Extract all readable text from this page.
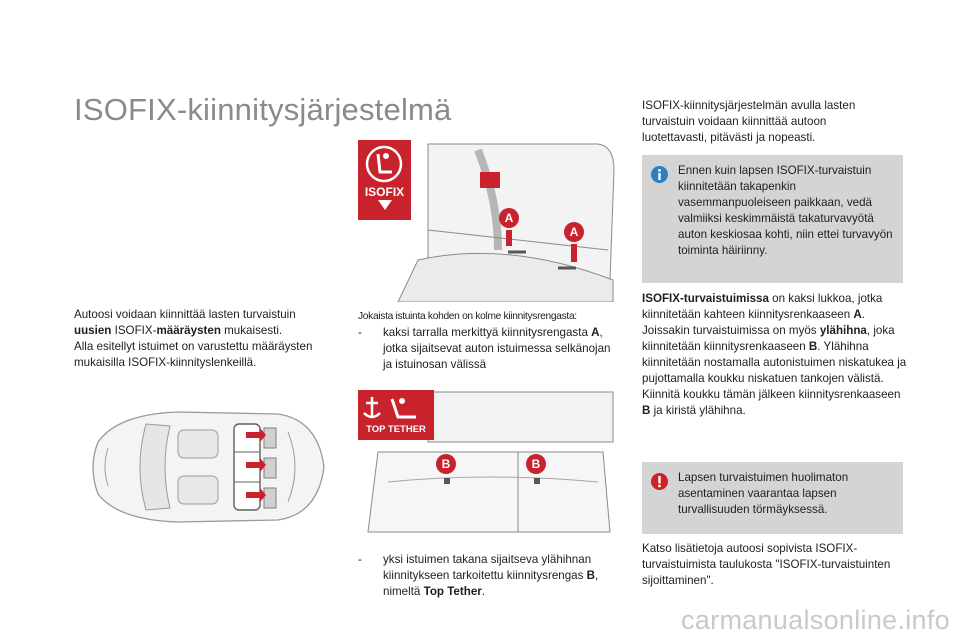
ISOFIX-kiinnitysjärjestelmä
Autoosi voidaan kiinnittää lasten turvaistuin
uusien ISOFIX-määräysten mukaisesti.
Alla esitellyt istuimet on varustettu määräysten
mukaisilla ISOFIX-kiinnityslenkeillä.
ISOFIX
A
A
Jokaista istuinta kohden on kolme kiinnitysrengasta:
-	kaksi tarralla merkittyä kiinnitysrengasta A, jotka sijaitsevat auton istuimessa selkänojan ja istuinosan välissä
TOP TETHER
B	B
-	yksi istuimen takana sijaitseva ylähihnan kiinnitykseen tarkoitettu kiinnitysrengas B, nimeltä Top Tether.
ISOFIX-kiinnitysjärjestelmän avulla lasten
turvaistuin voidaan kiinnittää autoon
luotettavasti, pitävästi ja nopeasti.
Ennen kuin lapsen ISOFIX-turvaistuin kiinnitetään takapenkin vasemmanpuoleiseen paikkaan, vedä valmiiksi keskimmäistä takaturvavyötä auton keskiosaa kohti, niin ettei turvavyön toiminta häiriinny.
ISOFIX-turvaistuimissa on kaksi lukkoa, jotka kiinnitetään kahteen kiinnitysrenkaaseen A. Joissakin turvaistuimissa on myös ylähihna, joka kiinnitetään kiinnitysrenkaaseen B. Ylähihna kiinnitetään nostamalla autonistuimen niskatukea ja pujottamalla koukku niskatuen tankojen välistä. Kiinnitä koukku tämän jälkeen kiinnitysrenkaaseen B ja kiristä ylähihna.
Lapsen turvaistuimen huolimaton asentaminen vaarantaa lapsen turvallisuuden törmäyksessä.
Katso lisätietoja autoosi sopivista ISOFIX-turvaistuimista taulukosta "ISOFIX-turvaistuinten sijoittaminen".
carmanualsonline.info
